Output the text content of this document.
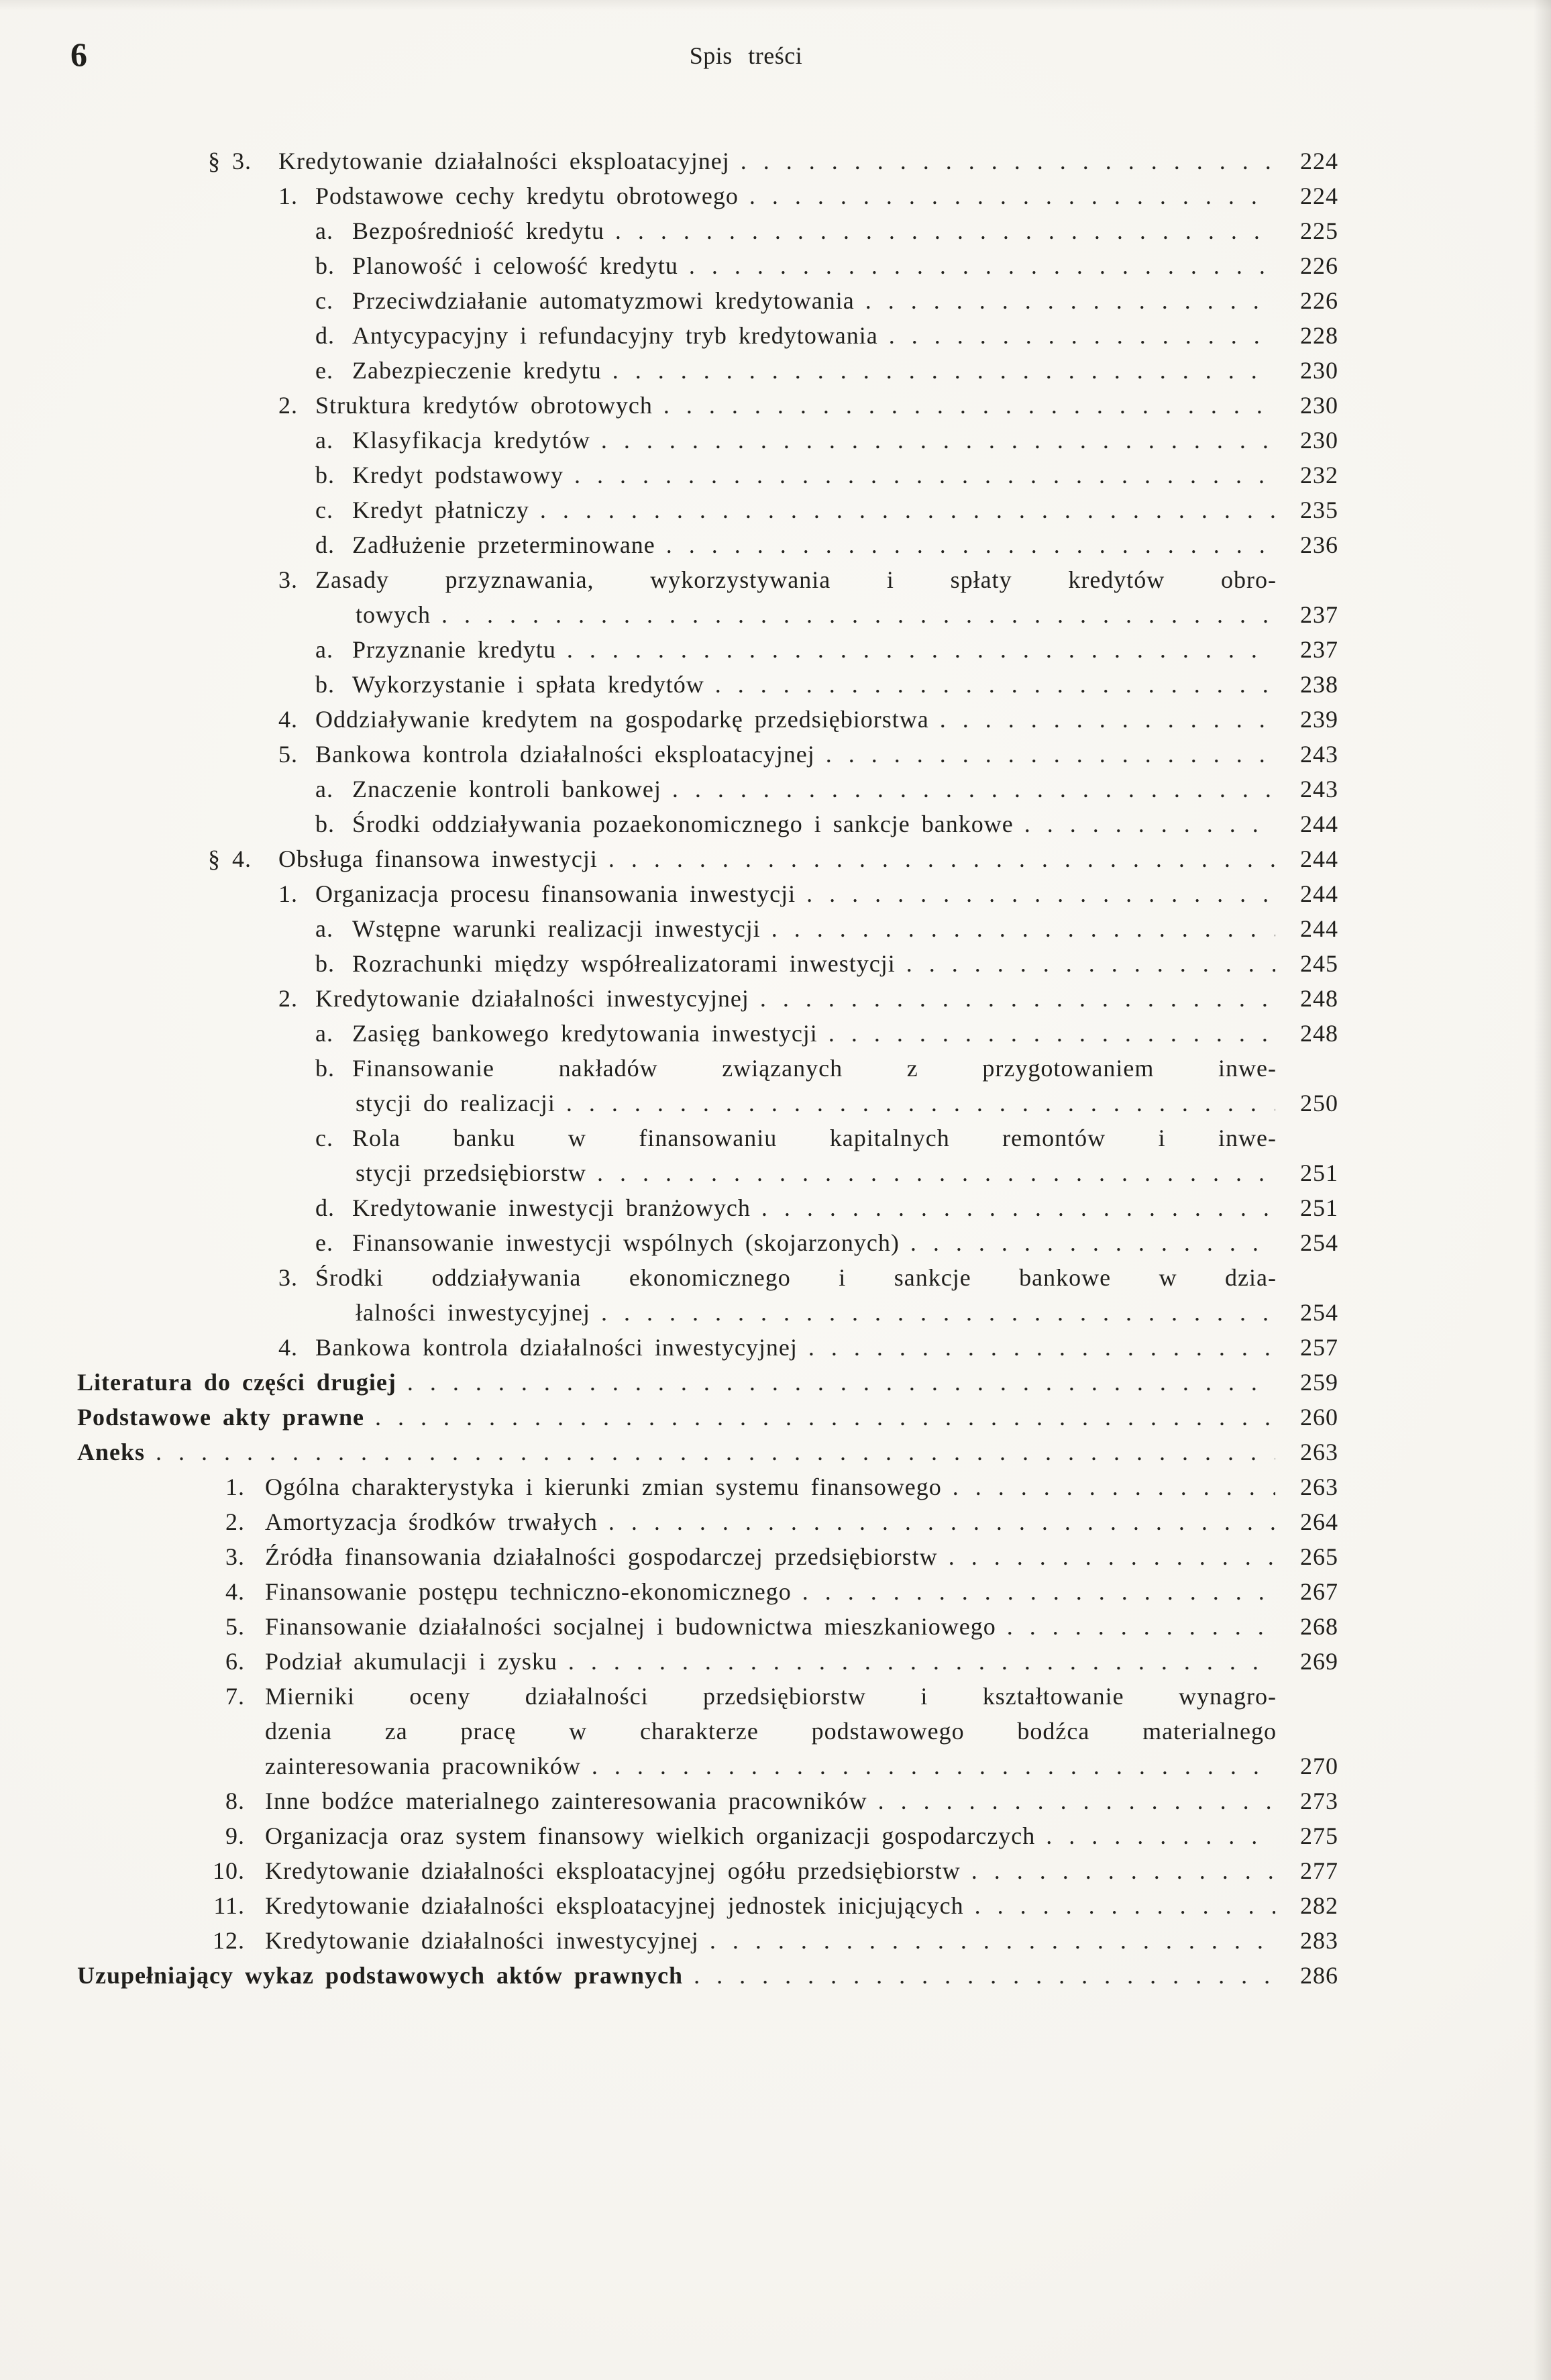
6	Spis treści
§ 3.	Kredytowanie działalności eksploatacyjnej . . .	224
1. Podstawowe cechy kredytu obrotowego . . .	224
a. Bezpośredniość kredytu . . .	225
b. Planowość i celowość kredytu . . .	226
c. Przeciwdziałanie automatyzmowi kredytowania . . .	226
d. Antycypacyjny i refundacyjny tryb kredytowania . . .	228
e. Zabezpieczenie kredytu . . .	230
2. Struktura kredytów obrotowych . . .	230
a. Klasyfikacja kredytów . . .	230
b. Kredyt podstawowy . . .	232
c. Kredyt płatniczy . . .	235
d. Zadłużenie przeterminowane . . .	236
3. Zasady przyznawania, wykorzystywania i spłaty kredytów obro-
towych . . .	237
a. Przyznanie kredytu . . .	237
b. Wykorzystanie i spłata kredytów . . .	238
4. Oddziaływanie kredytem na gospodarkę przedsiębiorstwa . . .	239
5. Bankowa kontrola działalności eksploatacyjnej . . .	243
a. Znaczenie kontroli bankowej . . .	243
b. Środki oddziaływania pozaekonomicznego i sankcje bankowe . . .	244
§ 4.	Obsługa finansowa inwestycji . . .	244
1. Organizacja procesu finansowania inwestycji . . .	244
a. Wstępne warunki realizacji inwestycji . . .	244
b. Rozrachunki między współrealizatorami inwestycji . . .	245
2. Kredytowanie działalności inwestycyjnej . . .	248
a. Zasięg bankowego kredytowania inwestycji . . .	248
b. Finansowanie nakładów związanych z przygotowaniem inwe-
stycji do realizacji . . .	250
c. Rola banku w finansowaniu kapitalnych remontów i inwe-
stycji przedsiębiorstw . . .	251
d. Kredytowanie inwestycji branżowych . . .	251
e. Finansowanie inwestycji wspólnych (skojarzonych) . . .	254
3. Środki oddziaływania ekonomicznego i sankcje bankowe w dzia-
łalności inwestycyjnej . . .	254
4. Bankowa kontrola działalności inwestycyjnej . . .	257
Literatura do części drugiej . . .	259
Podstawowe akty prawne . . .	260
Aneks . . .	263
1. Ogólna charakterystyka i kierunki zmian systemu finansowego . . .	263
2. Amortyzacja środków trwałych . . .	264
3. Źródła finansowania działalności gospodarczej przedsiębiorstw . . .	265
4. Finansowanie postępu techniczno-ekonomicznego . . .	267
5. Finansowanie działalności socjalnej i budownictwa mieszkaniowego . . .	268
6. Podział akumulacji i zysku . . .	269
7. Mierniki oceny działalności przedsiębiorstw i kształtowanie wynagro-
dzenia za pracę w charakterze podstawowego bodźca materialnego
zainteresowania pracowników . . .	270
8. Inne bodźce materialnego zainteresowania pracowników . . .	273
9. Organizacja oraz system finansowy wielkich organizacji gospodarczych . . .	275
10. Kredytowanie działalności eksploatacyjnej ogółu przedsiębiorstw . . .	277
11. Kredytowanie działalności eksploatacyjnej jednostek inicjujących . . .	282
12. Kredytowanie działalności inwestycyjnej . . .	283
Uzupełniający wykaz podstawowych aktów prawnych . . .	286
